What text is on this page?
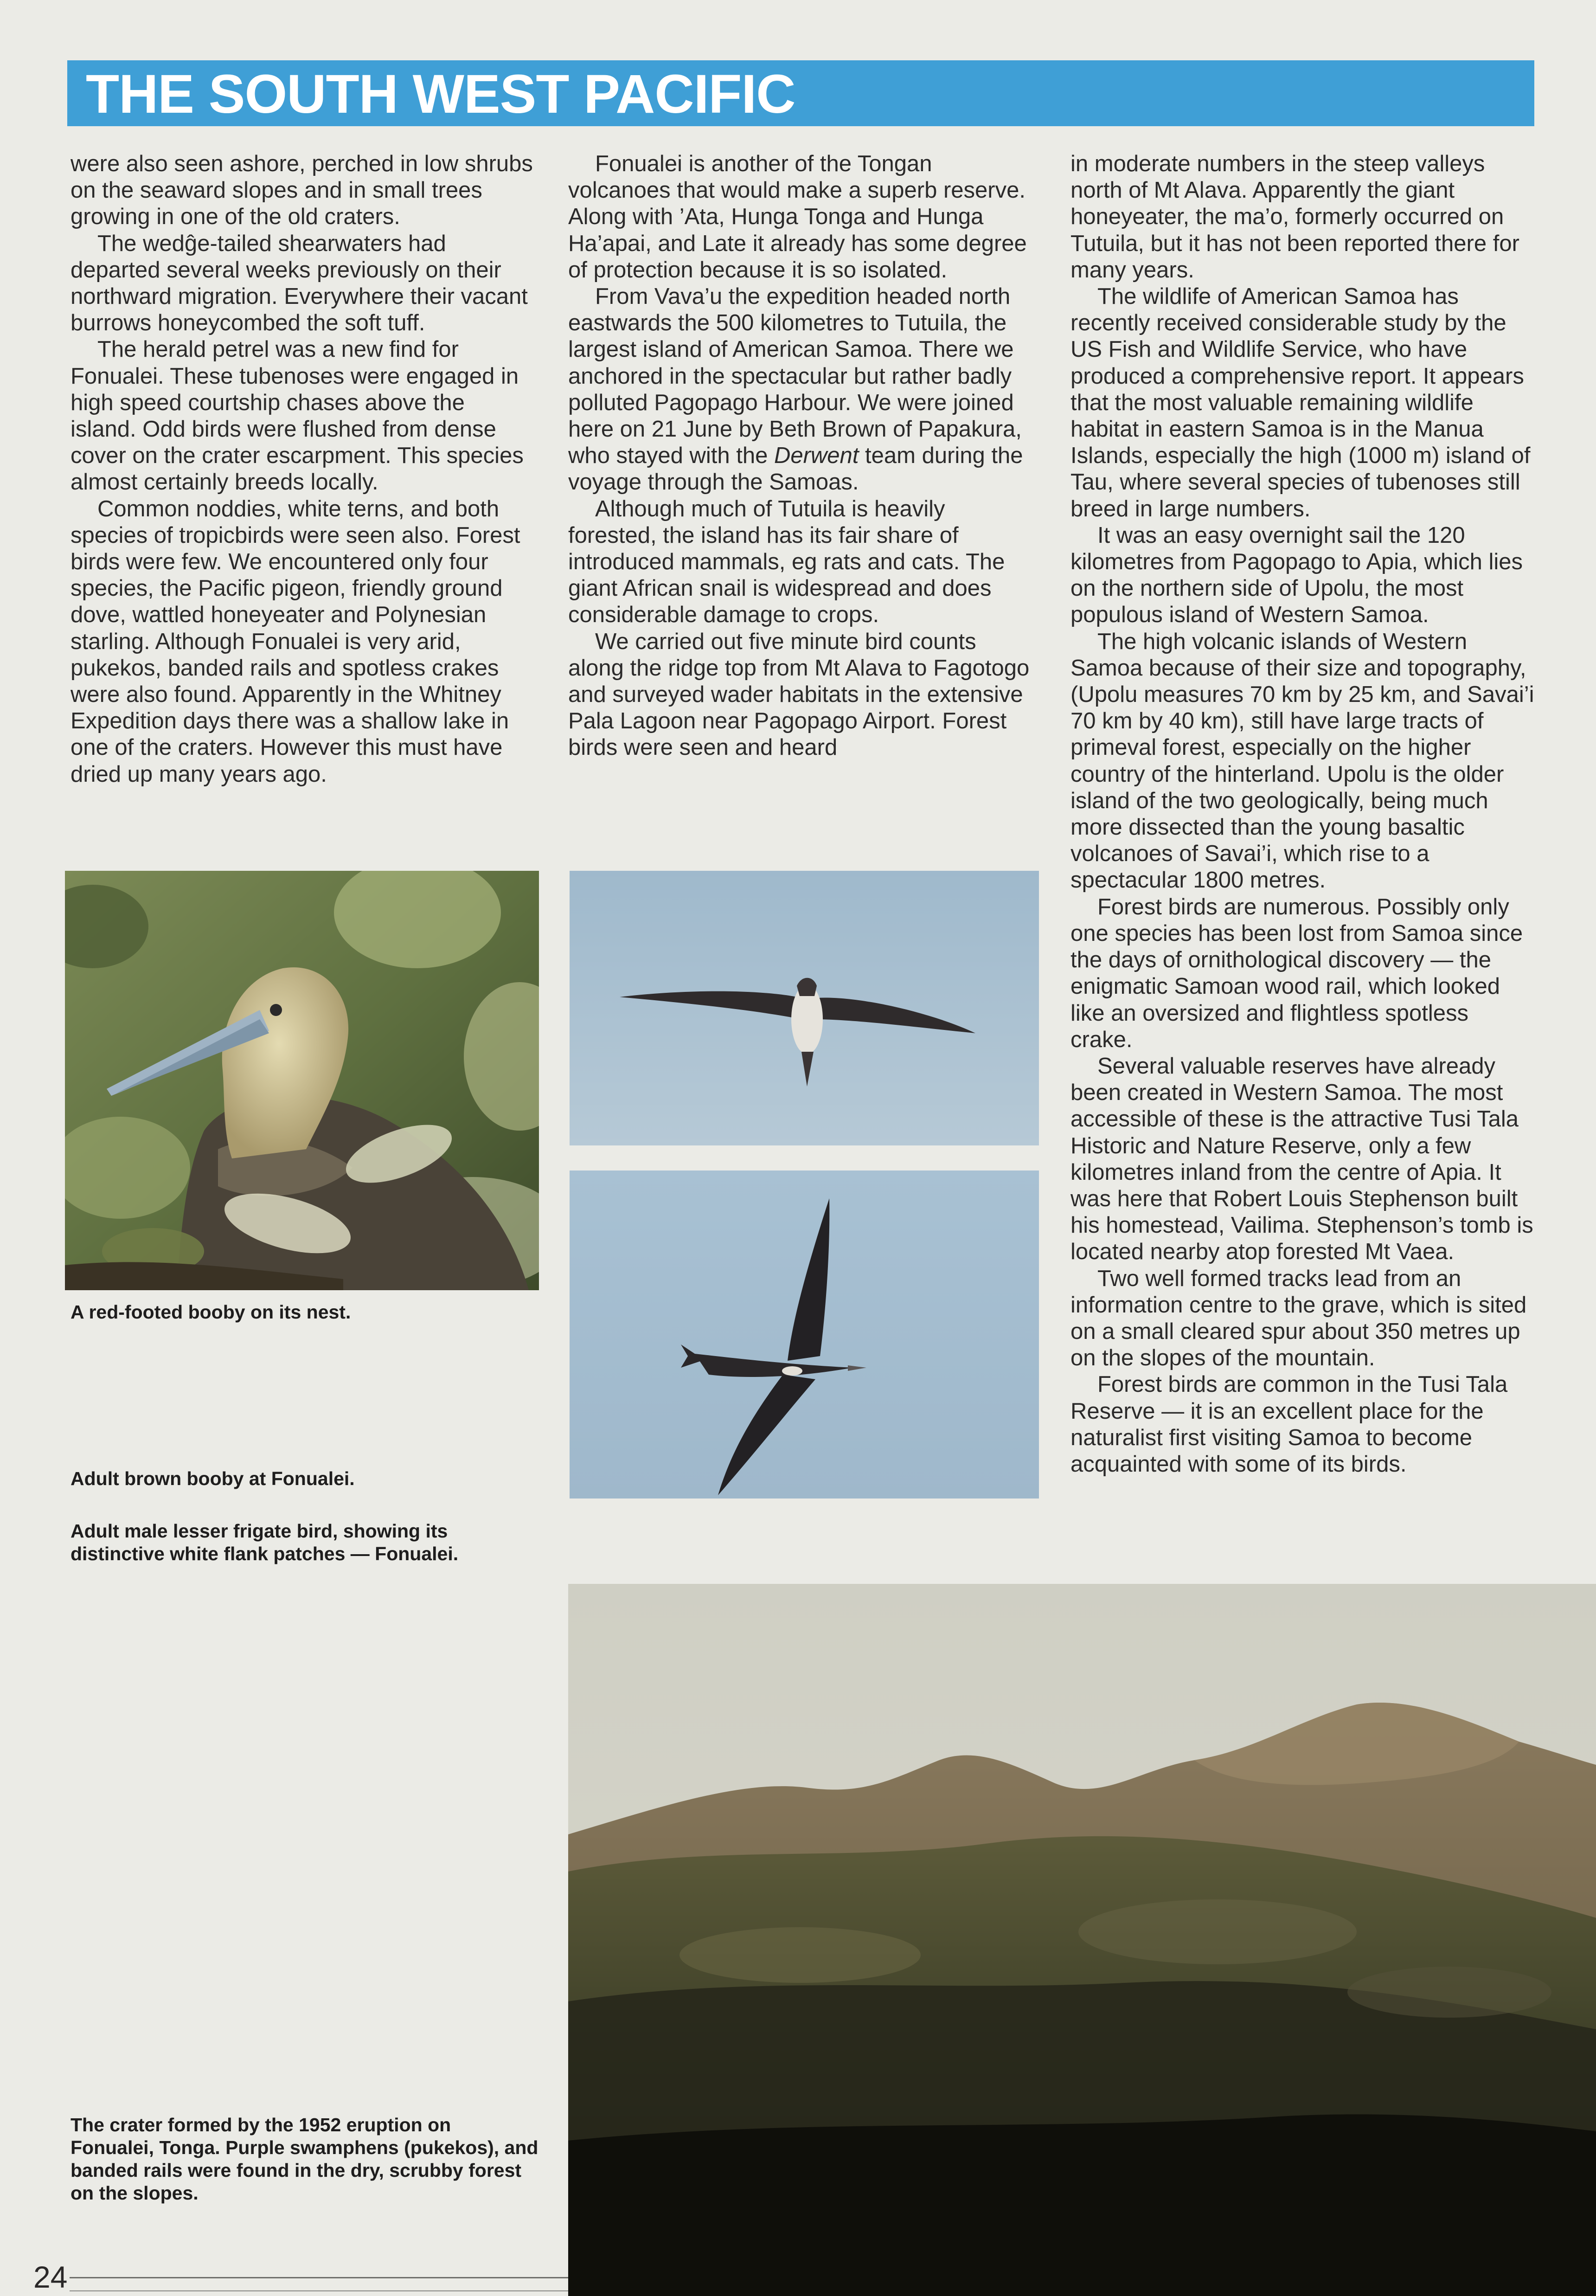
THE SOUTH WEST PACIFIC

were also seen ashore, perched in low shrubs on the seaward slopes and in small trees growing in one of the old craters.

The wedĝe-tailed shearwaters had departed several weeks previously on their northward migration. Everywhere their vacant burrows honeycombed the soft tuff.

The herald petrel was a new find for Fonualei. These tubenoses were engaged in high speed courtship chases above the island. Odd birds were flushed from dense cover on the crater escarpment. This species almost certainly breeds locally.

Common noddies, white terns, and both species of tropicbirds were seen also. Forest birds were few. We encountered only four species, the Pacific pigeon, friendly ground dove, wattled honeyeater and Polynesian starling. Although Fonualei is very arid, pukekos, banded rails and spotless crakes were also found. Apparently in the Whitney Expedition days there was a shallow lake in one of the craters. However this must have dried up many years ago.

Fonualei is another of the Tongan volcanoes that would make a superb reserve. Along with ’Ata, Hunga Tonga and Hunga Ha’apai, and Late it already has some degree of protection because it is so isolated.

From Vava’u the expedition headed north eastwards the 500 kilometres to Tutuila, the largest island of American Samoa. There we anchored in the spectacular but rather badly polluted Pagopago Harbour. We were joined here on 21 June by Beth Brown of Papakura, who stayed with the Derwent team during the voyage through the Samoas.

Although much of Tutuila is heavily forested, the island has its fair share of introduced mammals, eg rats and cats. The giant African snail is widespread and does considerable damage to crops.

We carried out five minute bird counts along the ridge top from Mt Alava to Fagotogo and surveyed wader habitats in the extensive Pala Lagoon near Pagopago Airport. Forest birds were seen and heard

in moderate numbers in the steep valleys north of Mt Alava. Apparently the giant honeyeater, the ma’o, formerly occurred on Tutuila, but it has not been reported there for many years.

The wildlife of American Samoa has recently received considerable study by the US Fish and Wildlife Service, who have produced a comprehensive report. It appears that the most valuable remaining wildlife habitat in eastern Samoa is in the Manua Islands, especially the high (1000 m) island of Tau, where several species of tubenoses still breed in large numbers.

It was an easy overnight sail the 120 kilometres from Pagopago to Apia, which lies on the northern side of Upolu, the most populous island of Western Samoa.

The high volcanic islands of Western Samoa because of their size and topography, (Upolu measures 70 km by 25 km, and Savai’i 70 km by 40 km), still have large tracts of primeval forest, especially on the higher country of the hinterland. Upolu is the older island of the two geologically, being much more dissected than the young basaltic volcanoes of Savai’i, which rise to a spectacular 1800 metres.

Forest birds are numerous. Possibly only one species has been lost from Samoa since the days of ornithological discovery — the enigmatic Samoan wood rail, which looked like an oversized and flightless spotless crake.

Several valuable reserves have already been created in Western Samoa. The most accessible of these is the attractive Tusi Tala Historic and Nature Reserve, only a few kilometres inland from the centre of Apia. It was here that Robert Louis Stephenson built his homestead, Vailima. Stephenson’s tomb is located nearby atop forested Mt Vaea.

Two well formed tracks lead from an information centre to the grave, which is sited on a small cleared spur about 350 metres up on the slopes of the mountain.

Forest birds are common in the Tusi Tala Reserve — it is an excellent place for the naturalist first visiting Samoa to become acquainted with some of its birds.

A red-footed booby on its nest.

Adult brown booby at Fonualei.

Adult male lesser frigate bird, showing its distinctive white flank patches — Fonualei.

The crater formed by the 1952 eruption on Fonualei, Tonga. Purple swamphens (pukekos), and banded rails were found in the dry, scrubby forest on the slopes.

24
